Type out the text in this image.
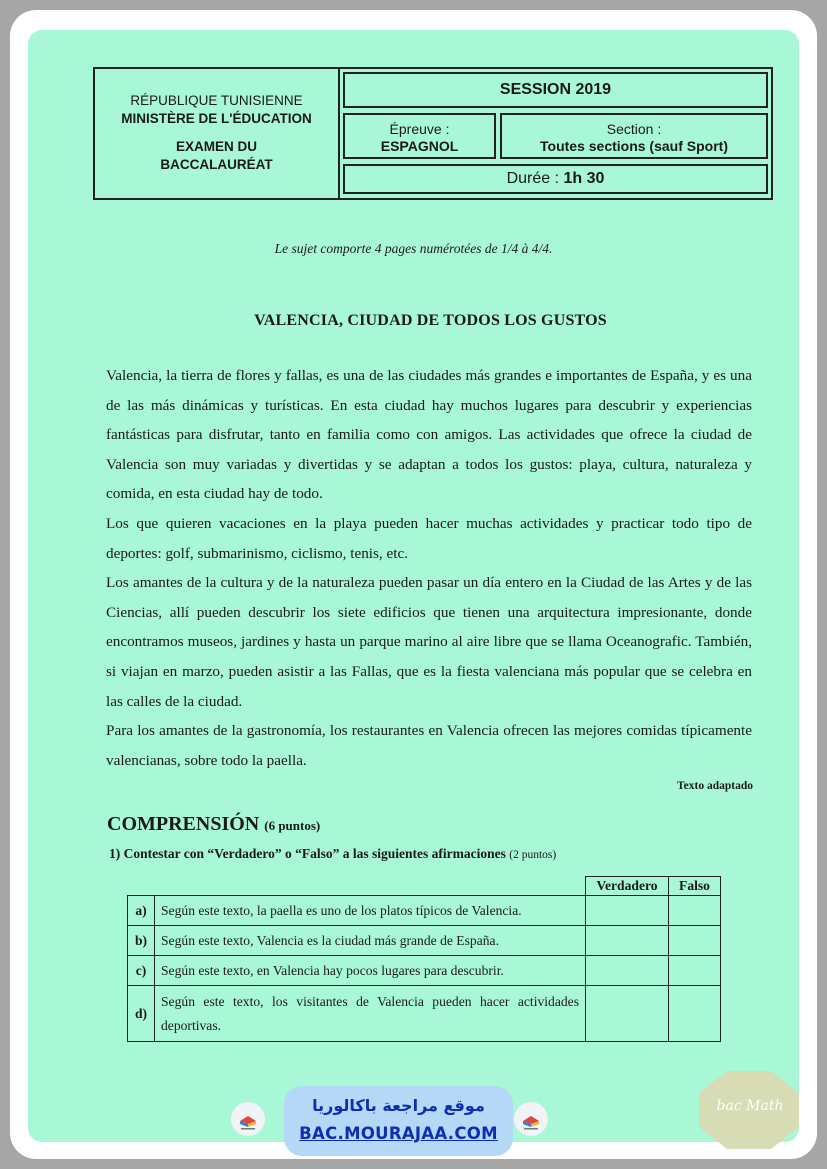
RÉPUBLIQUE TUNISIENNE
MINISTÈRE DE L'ÉDUCATION
EXAMEN DU
BACCALAURÉAT
SESSION 2019
Épreuve :
ESPAGNOL
Section :
Toutes sections (sauf Sport)
Durée : 1h 30
Le sujet comporte 4 pages numérotées de 1/4 à 4/4.
VALENCIA, CIUDAD DE TODOS LOS GUSTOS

Valencia, la tierra de flores y fallas, es una de las ciudades más grandes e importantes de España, y es una de las más dinámicas y turísticas. En esta ciudad hay muchos lugares para descubrir y experiencias fantásticas para disfrutar, tanto en familia como con amigos. Las actividades que ofrece la ciudad de Valencia son muy variadas y divertidas y se adaptan a todos los gustos: playa, cultura, naturaleza y comida, en esta ciudad hay de todo.

Los que quieren vacaciones en la playa pueden hacer muchas actividades y practicar todo tipo de deportes: golf, submarinismo, ciclismo, tenis, etc.

Los amantes de la cultura y de la naturaleza pueden pasar un día entero en la Ciudad de las Artes y de las Ciencias, allí pueden descubrir los siete edificios que tienen una arquitectura impresionante, donde encontramos museos, jardines y hasta un parque marino al aire libre que se llama Oceanografic. También, si viajan en marzo, pueden asistir a las Fallas, que es la fiesta valenciana más popular que se celebra en las calles de la ciudad.

Para los amantes de la gastronomía, los restaurantes en Valencia ofrecen las mejores comidas típicamente valencianas, sobre todo la paella.

Texto adaptado
COMPRENSIÓN (6 puntos)
1) Contestar con “Verdadero” o “Falso” a las siguientes afirmaciones (2 puntos)
		Verdadero	Falso
a)	Según este texto, la paella es uno de los platos típicos de Valencia.		
b)	Según este texto, Valencia es la ciudad más grande de España.		
c)	Según este texto, en Valencia hay pocos lugares para descubrir.		
d)	Según este texto, los visitantes de Valencia pueden hacer actividades deportivas.		
موقع مراجعة باكالوريا
BAC.MOURAJAA.COM
bac Math
